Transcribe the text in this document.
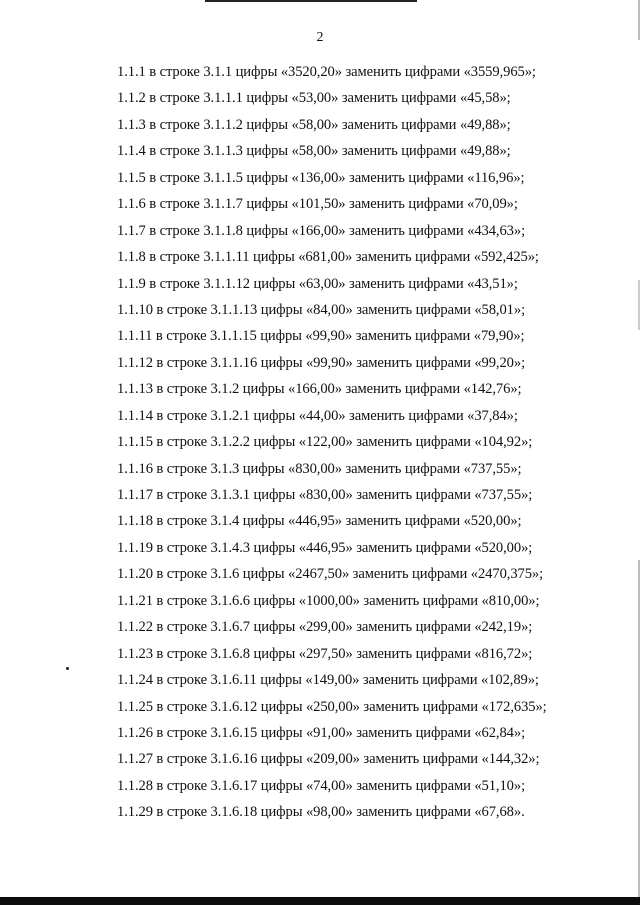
2
1.1.1 в строке 3.1.1 цифры «3520,20» заменить цифрами «3559,965»;
1.1.2 в строке 3.1.1.1 цифры «53,00» заменить цифрами «45,58»;
1.1.3 в строке 3.1.1.2 цифры «58,00» заменить цифрами «49,88»;
1.1.4 в строке 3.1.1.3 цифры «58,00» заменить цифрами «49,88»;
1.1.5 в строке 3.1.1.5 цифры «136,00» заменить цифрами «116,96»;
1.1.6 в строке 3.1.1.7 цифры «101,50» заменить цифрами «70,09»;
1.1.7 в строке 3.1.1.8 цифры «166,00» заменить цифрами «434,63»;
1.1.8 в строке 3.1.1.11 цифры «681,00» заменить цифрами «592,425»;
1.1.9 в строке 3.1.1.12 цифры «63,00» заменить цифрами «43,51»;
1.1.10 в строке 3.1.1.13 цифры «84,00» заменить цифрами «58,01»;
1.1.11 в строке 3.1.1.15 цифры «99,90» заменить цифрами «79,90»;
1.1.12 в строке 3.1.1.16 цифры «99,90» заменить цифрами «99,20»;
1.1.13 в строке 3.1.2 цифры «166,00» заменить цифрами «142,76»;
1.1.14 в строке 3.1.2.1 цифры «44,00» заменить цифрами «37,84»;
1.1.15 в строке 3.1.2.2 цифры «122,00» заменить цифрами «104,92»;
1.1.16 в строке 3.1.3 цифры «830,00» заменить цифрами «737,55»;
1.1.17 в строке 3.1.3.1 цифры «830,00» заменить цифрами «737,55»;
1.1.18 в строке 3.1.4 цифры «446,95» заменить цифрами «520,00»;
1.1.19 в строке 3.1.4.3 цифры «446,95» заменить цифрами «520,00»;
1.1.20 в строке 3.1.6 цифры «2467,50» заменить цифрами «2470,375»;
1.1.21 в строке 3.1.6.6 цифры «1000,00» заменить цифрами «810,00»;
1.1.22 в строке 3.1.6.7 цифры «299,00» заменить цифрами «242,19»;
1.1.23 в строке 3.1.6.8 цифры «297,50» заменить цифрами «816,72»;
1.1.24 в строке 3.1.6.11 цифры «149,00» заменить цифрами «102,89»;
1.1.25 в строке 3.1.6.12 цифры «250,00» заменить цифрами «172,635»;
1.1.26 в строке 3.1.6.15 цифры «91,00» заменить цифрами «62,84»;
1.1.27 в строке 3.1.6.16 цифры «209,00» заменить цифрами «144,32»;
1.1.28 в строке 3.1.6.17 цифры «74,00» заменить цифрами «51,10»;
1.1.29 в строке 3.1.6.18 цифры «98,00» заменить цифрами «67,68».
